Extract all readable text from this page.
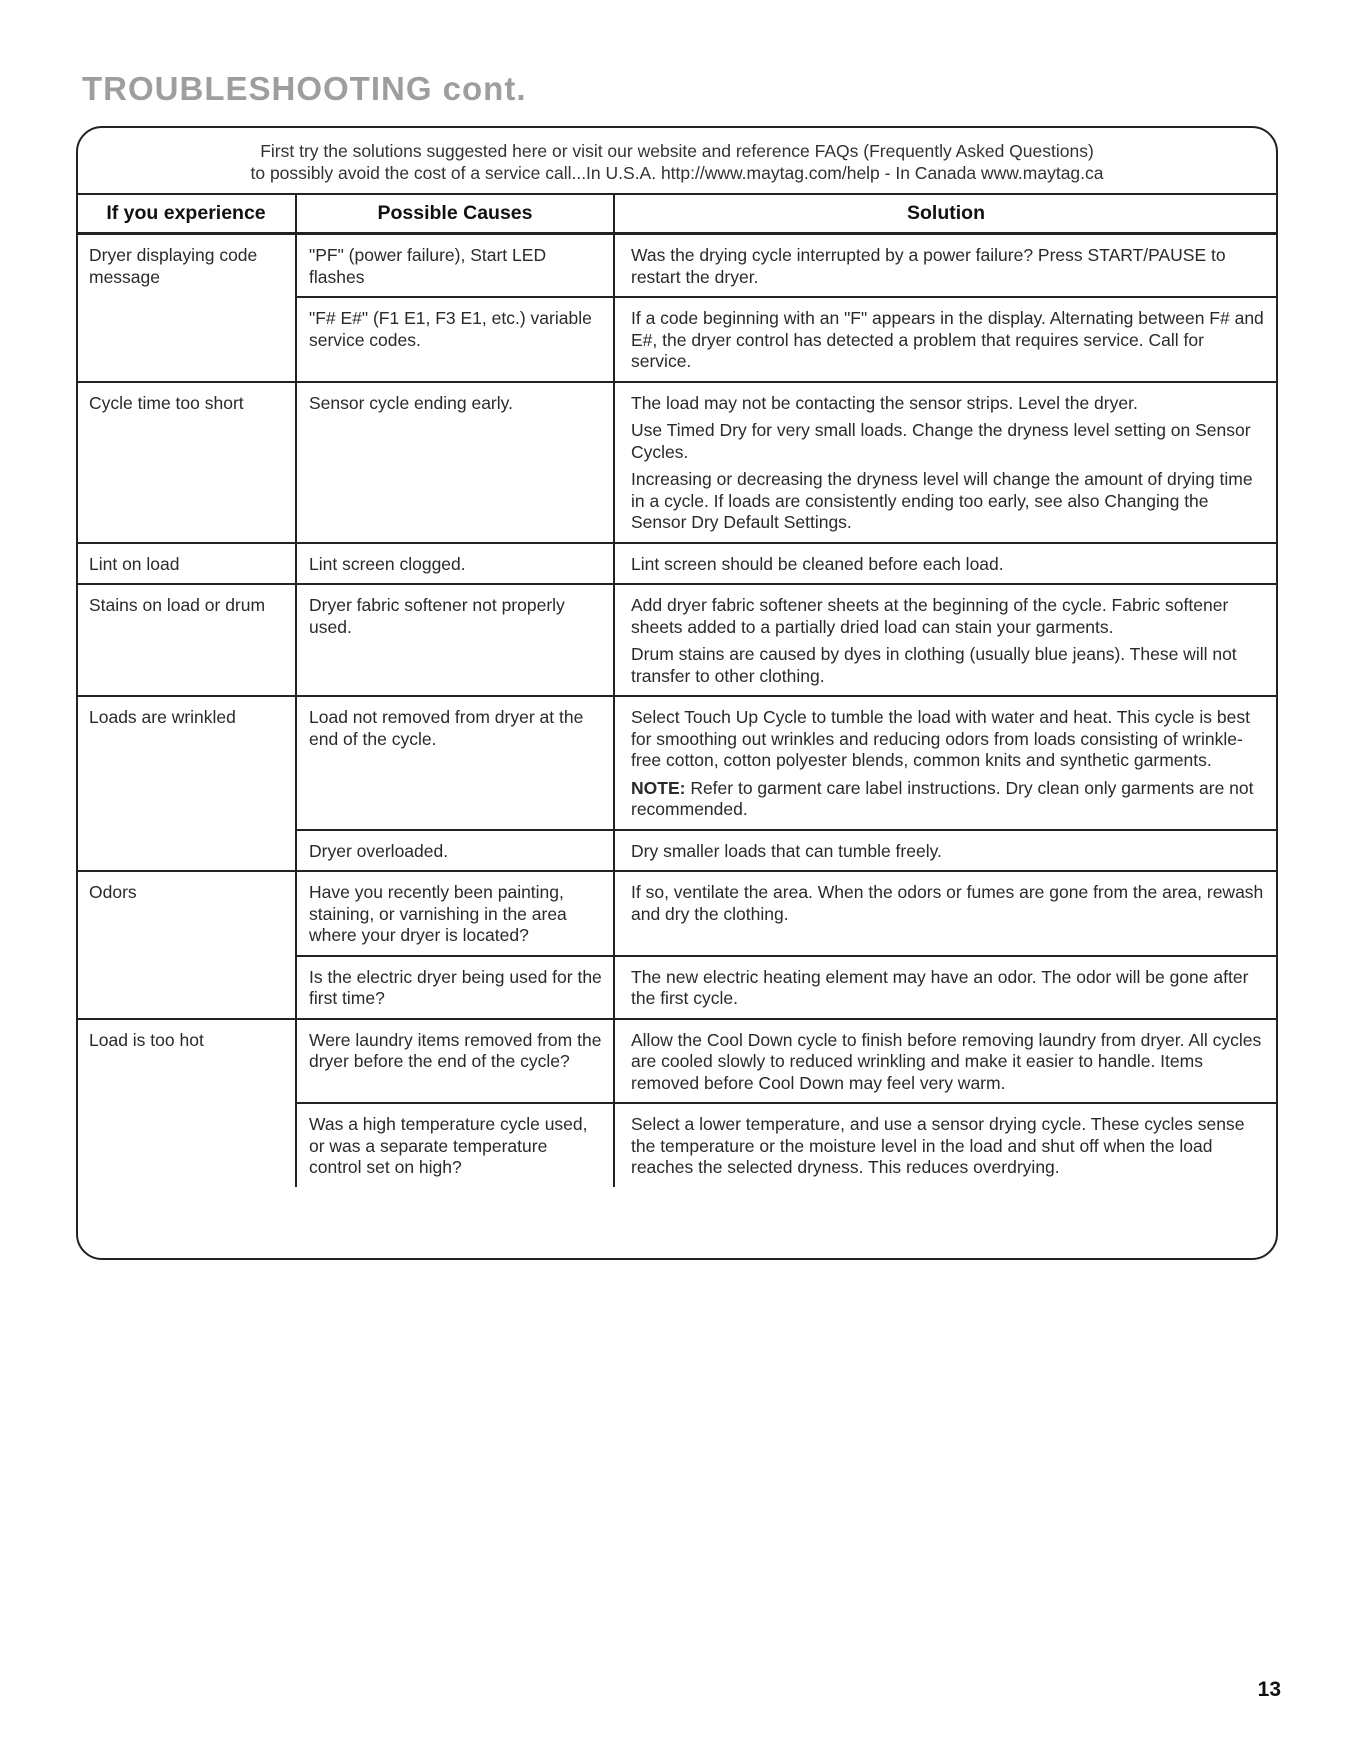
TROUBLESHOOTING cont.
First try the solutions suggested here or visit our website and reference FAQs (Frequently Asked Questions)
to possibly avoid the cost of a service call...In U.S.A. http://www.maytag.com/help - In Canada www.maytag.ca
If you experience	Possible Causes	Solution
Dryer displaying code message	"PF" (power failure), Start LED flashes	Was the drying cycle interrupted by a power failure? Press START/PAUSE to restart the dryer.

	"F# E#" (F1 E1, F3 E1, etc.) variable service codes.	If a code beginning with an "F" appears in the display. Alternating between F# and E#, the dryer control has detected a problem that requires service. Call for service.

Cycle time too short	Sensor cycle ending early.	The load may not be contacting the sensor strips. Level the dryer.

Use Timed Dry for very small loads. Change the dryness level setting on Sensor Cycles.

Increasing or decreasing the dryness level will change the amount of drying time in a cycle. If loads are consistently ending too early, see also Changing the Sensor Dry Default Settings.

Lint on load	Lint screen clogged.	Lint screen should be cleaned before each load.

Stains on load or drum	Dryer fabric softener not properly used.	Add dryer fabric softener sheets at the beginning of the cycle. Fabric softener sheets added to a partially dried load can stain your garments.

Drum stains are caused by dyes in clothing (usually blue jeans). These will not transfer to other clothing.

Loads are wrinkled	Load not removed from dryer at the end of the cycle.	Select Touch Up Cycle to tumble the load with water and heat. This cycle is best for smoothing out wrinkles and reducing odors from loads consisting of wrinkle-free cotton, cotton polyester blends, common knits and synthetic garments.

NOTE: Refer to garment care label instructions. Dry clean only garments are not recommended.

	Dryer overloaded.	Dry smaller loads that can tumble freely.

Odors	Have you recently been painting, staining, or varnishing in the area where your dryer is located?	If so, ventilate the area. When the odors or fumes are gone from the area, rewash and dry the clothing.

	Is the electric dryer being used for the first time?	The new electric heating element may have an odor. The odor will be gone after the first cycle.

Load is too hot	Were laundry items removed from the dryer before the end of the cycle?	Allow the Cool Down cycle to finish before removing laundry from dryer. All cycles are cooled slowly to reduced wrinkling and make it easier to handle. Items removed before Cool Down may feel very warm.

	Was a high temperature cycle used, or was a separate temperature control set on high?	Select a lower temperature, and use a sensor drying cycle. These cycles sense the temperature or the moisture level in the load and shut off when the load reaches the selected dryness. This reduces overdrying.

13
